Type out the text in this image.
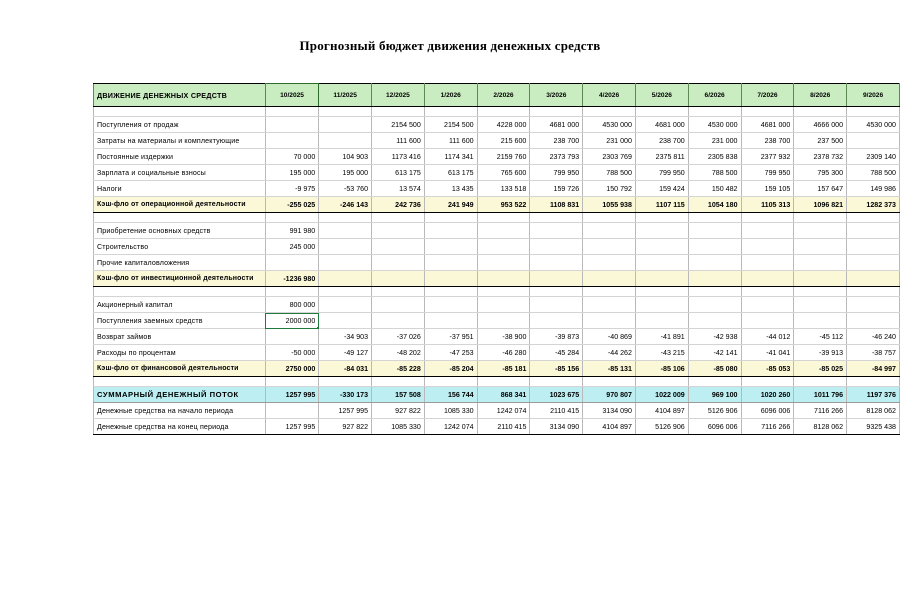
Прогнозный бюджет движения денежных средств
ДВИЖЕНИЕ ДЕНЕЖНЫХ СРЕДСТВ	10/2025	11/2025	12/2025	1/2026	2/2026	3/2026	4/2026	5/2026	6/2026	7/2026	8/2026	9/2026

Поступления от продаж			2154 500	2154 500	4228 000	4681 000	4530 000	4681 000	4530 000	4681 000	4666 000	4530 000
Затраты на материалы и комплектующие			111 600	111 600	215 600	238 700	231 000	238 700	231 000	238 700	237 500	
Постоянные издержки	70 000	104 903	1173 416	1174 341	2159 760	2373 793	2303 769	2375 811	2305 838	2377 932	2378 732	2309 140
Зарплата и социальные взносы	195 000	195 000	613 175	613 175	765 600	799 950	788 500	799 950	788 500	799 950	795 300	788 500
Налоги	-9 975	-53 760	13 574	13 435	133 518	159 726	150 792	159 424	150 482	159 105	157 647	149 986
Кэш-фло от операционной деятельности	-255 025	-246 143	242 736	241 949	953 522	1108 831	1055 938	1107 115	1054 180	1105 313	1096 821	1282 373

Приобретение основных средств	991 980											
Строительство	245 000											
Прочие капиталовложения												
Кэш-фло от инвестиционной деятельности	-1236 980											

Акционерный капитал	800 000											
Поступления заемных средств	2000 000

Возврат займов		-34 903	-37 026	-37 951	-38 900	-39 873	-40 869	-41 891	-42 938	-44 012	-45 112	-46 240
Расходы по процентам	-50 000	-49 127	-48 202	-47 253	-46 280	-45 284	-44 262	-43 215	-42 141	-41 041	-39 913	-38 757
Кэш-фло от финансовой деятельности	2750 000	-84 031	-85 228	-85 204	-85 181	-85 156	-85 131	-85 106	-85 080	-85 053	-85 025	-84 997

СУММАРНЫЙ ДЕНЕЖНЫЙ ПОТОК	1257 995	-330 173	157 508	156 744	868 341	1023 675	970 807	1022 009	969 100	1020 260	1011 796	1197 376
Денежные средства на начало периода		1257 995	927 822	1085 330	1242 074	2110 415	3134 090	4104 897	5126 906	6096 006	7116 266	8128 062
Денежные средства на конец периода	1257 995	927 822	1085 330	1242 074	2110 415	3134 090	4104 897	5126 906	6096 006	7116 266	8128 062	9325 438
